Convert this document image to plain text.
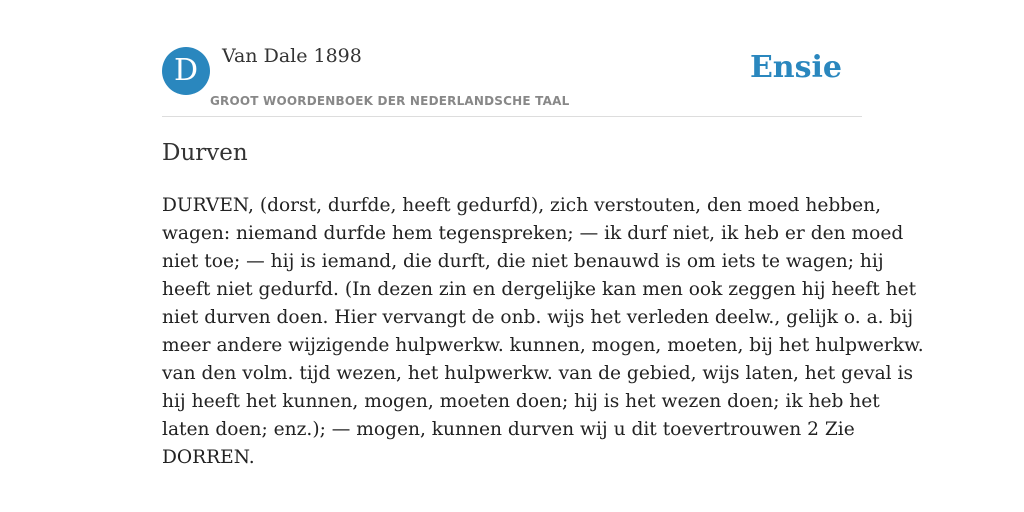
D	Van Dale 1898
GROOT WOORDENBOEK DER NEDERLANDSCHE TAAL
Ensie
Durven
DURVEN, (dorst, durfde, heeft gedurfd), zich verstouten, den moed hebben,
wagen: niemand durfde hem tegenspreken; — ik durf niet, ik heb er den moed
niet toe; — hij is iemand, die durft, die niet benauwd is om iets te wagen; hij
heeft niet gedurfd. (In dezen zin en dergelijke kan men ook zeggen hij heeft het
niet durven doen. Hier vervangt de onb. wijs het verleden deelw., gelijk o. a. bij
meer andere wijzigende hulpwerkw. kunnen, mogen, moeten, bij het hulpwerkw.
van den volm. tijd wezen, het hulpwerkw. van de gebied, wijs laten, het geval is
hij heeft het kunnen, mogen, moeten doen; hij is het wezen doen; ik heb het
laten doen; enz.); — mogen, kunnen durven wij u dit toevertrouwen 2 Zie
DORREN.
